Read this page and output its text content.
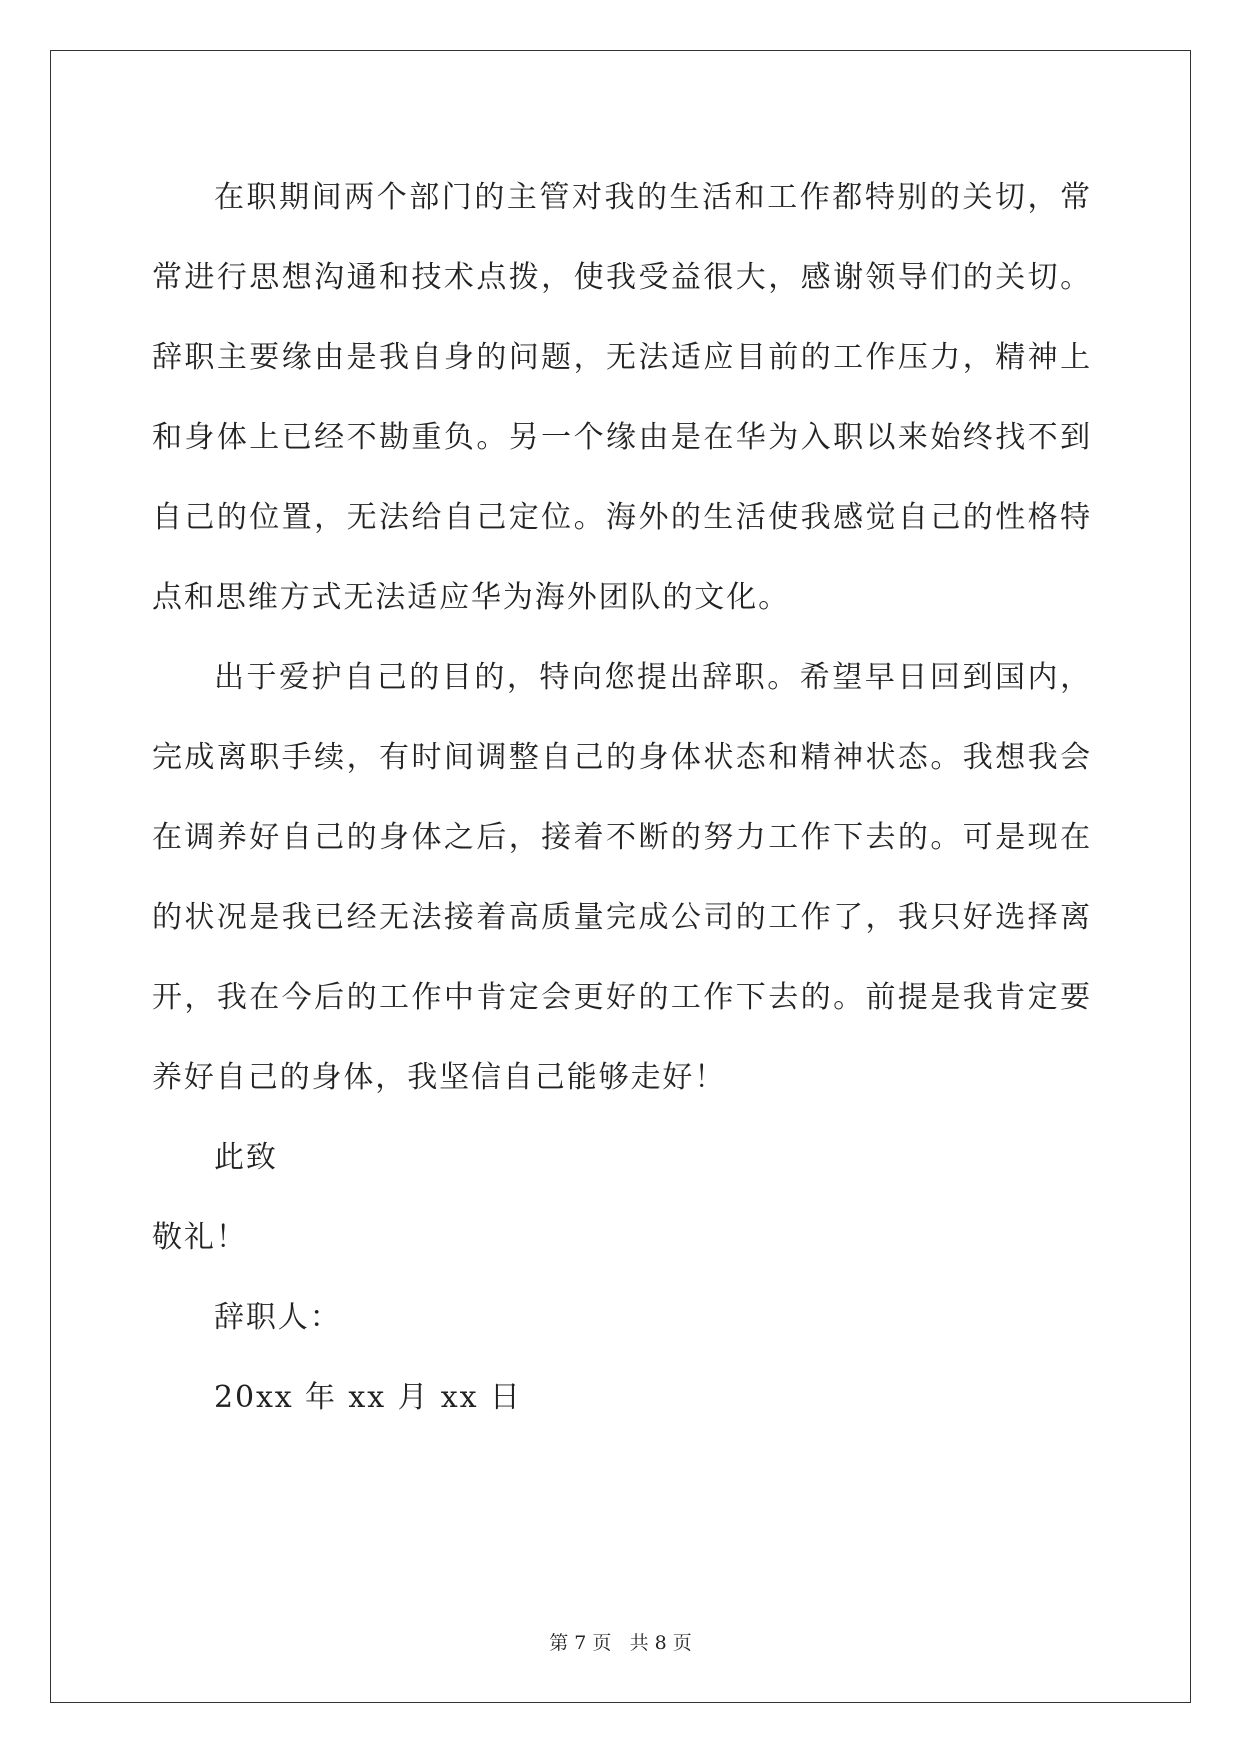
在职期间两个部门的主管对我的生活和工作都特别的关切，常常进行思想沟通和技术点拨，使我受益很大，感谢领导们的关切。辞职主要缘由是我自身的问题，无法适应目前的工作压力，精神上和身体上已经不勘重负。另一个缘由是在华为入职以来始终找不到自己的位置，无法给自己定位。海外的生活使我感觉自己的性格特点和思维方式无法适应华为海外团队的文化。

出于爱护自己的目的，特向您提出辞职。希望早日回到国内，完成离职手续，有时间调整自己的身体状态和精神状态。我想我会在调养好自己的身体之后，接着不断的努力工作下去的。可是现在的状况是我已经无法接着高质量完成公司的工作了，我只好选择离开，我在今后的工作中肯定会更好的工作下去的。前提是我肯定要养好自己的身体，我坚信自己能够走好！

此致

敬礼！

辞职人：

20xx 年 xx 月 xx 日

第 7 页 共 8 页
